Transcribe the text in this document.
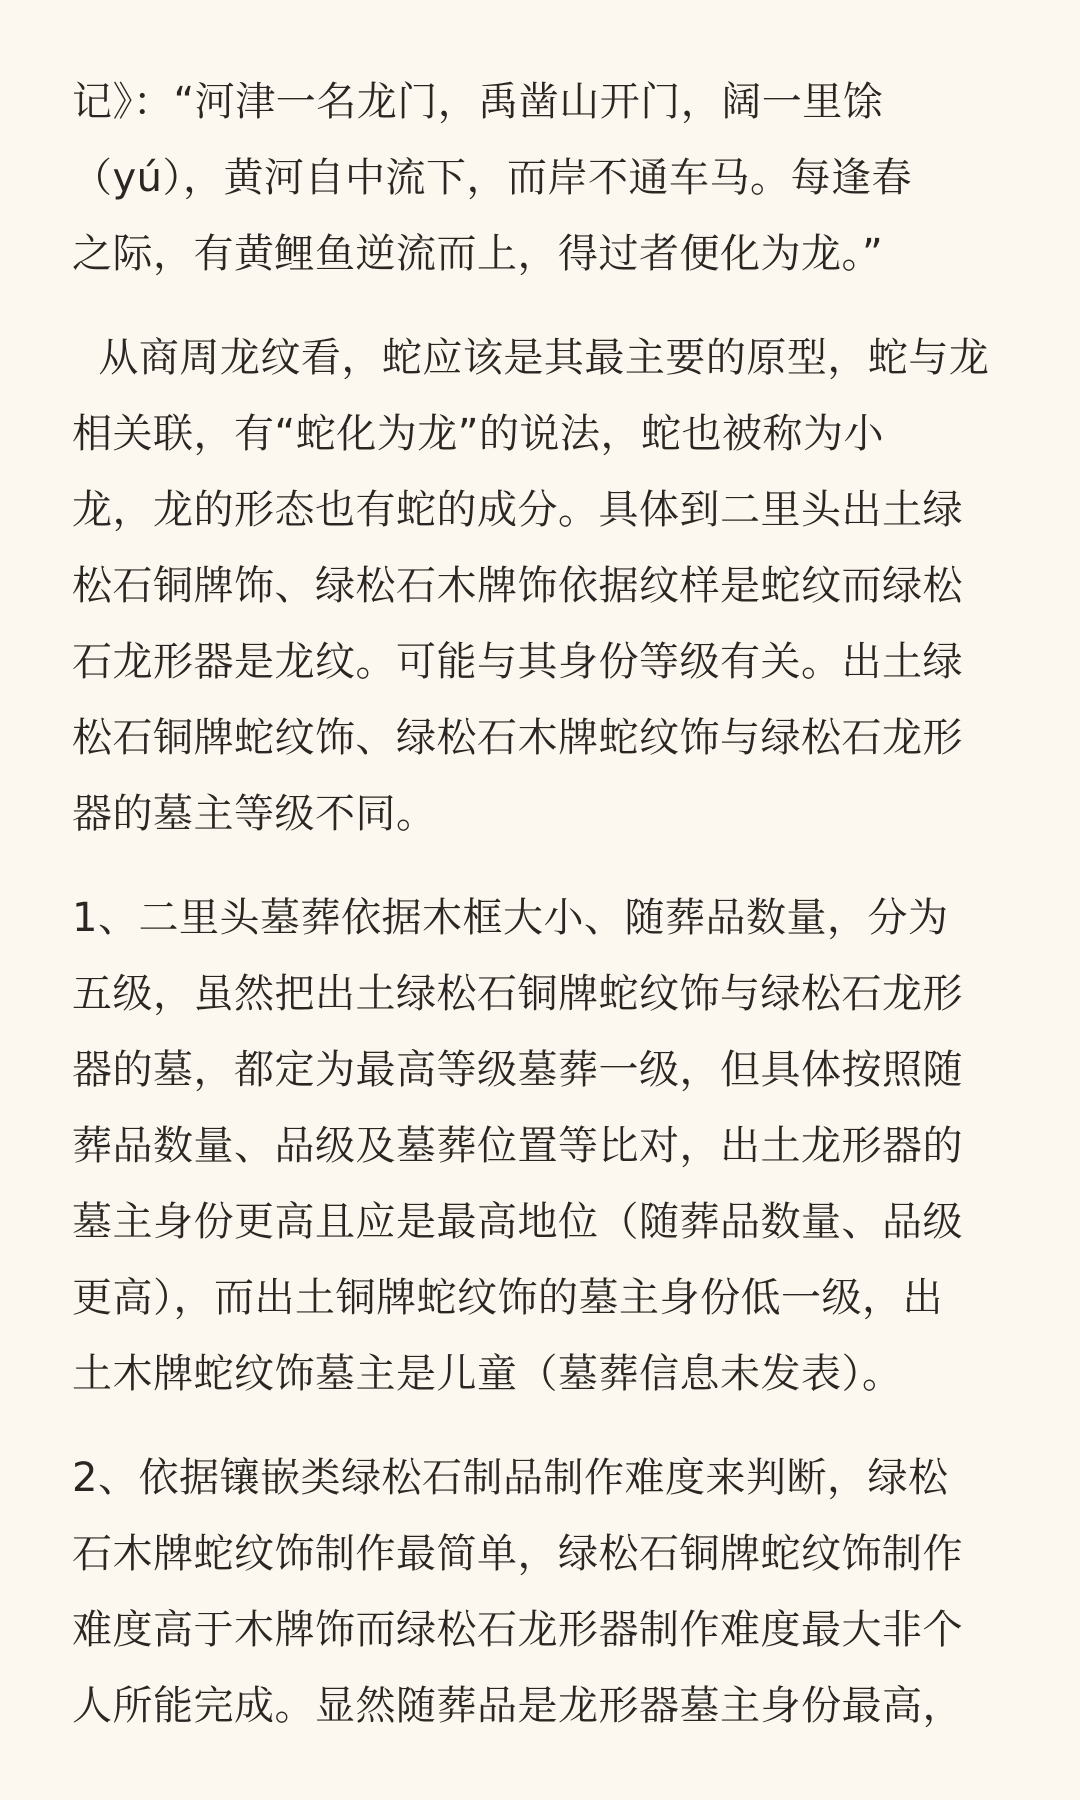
记》：“河津一名龙门，禹凿山开门，阔一里馀
（yú），黄河自中流下，而岸不通车马。每逢春
之际，有黄鲤鱼逆流而上，得过者便化为龙。”
从商周龙纹看，蛇应该是其最主要的原型，蛇与龙
相关联，有“蛇化为龙”的说法，蛇也被称为小
龙，龙的形态也有蛇的成分。具体到二里头出土绿
松石铜牌饰、绿松石木牌饰依据纹样是蛇纹而绿松
石龙形器是龙纹。可能与其身份等级有关。出土绿
松石铜牌蛇纹饰、绿松石木牌蛇纹饰与绿松石龙形
器的墓主等级不同。
1、二里头墓葬依据木框大小、随葬品数量，分为
五级，虽然把出土绿松石铜牌蛇纹饰与绿松石龙形
器的墓，都定为最高等级墓葬一级，但具体按照随
葬品数量、品级及墓葬位置等比对，出土龙形器的
墓主身份更高且应是最高地位（随葬品数量、品级
更高），而出土铜牌蛇纹饰的墓主身份低一级，出
土木牌蛇纹饰墓主是儿童（墓葬信息未发表）。
2、依据镶嵌类绿松石制品制作难度来判断，绿松
石木牌蛇纹饰制作最简单，绿松石铜牌蛇纹饰制作
难度高于木牌饰而绿松石龙形器制作难度最大非个
人所能完成。显然随葬品是龙形器墓主身份最高，
